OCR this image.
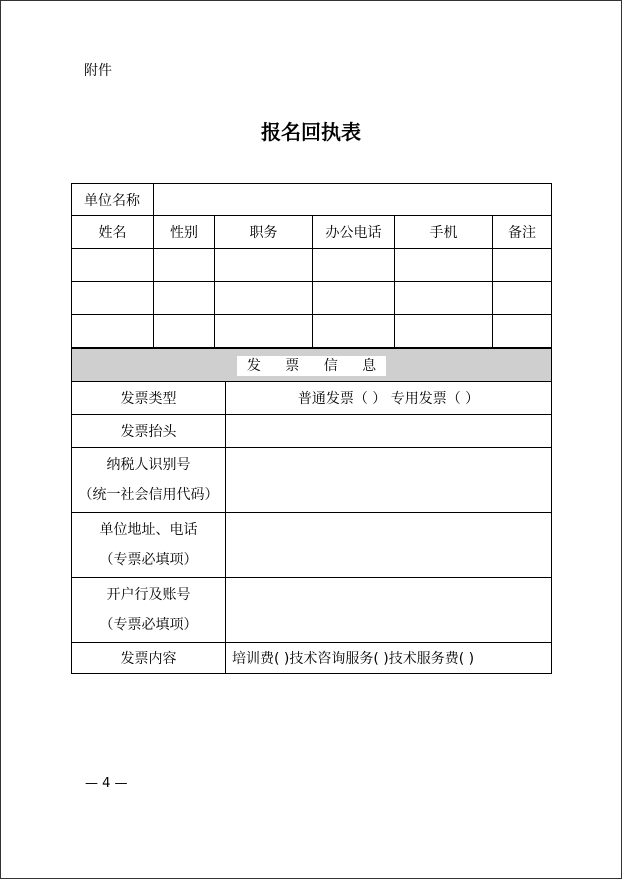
附件
报名回执表
单位名称					
姓名	性别	职务	办公电话	手机	备注

发 票 信 息	
发票类型	普通发票（ ） 专用发票（ ）
发票抬头	

纳税人识别号
（统一社会信用代码）	

单位地址、电话
（专票必填项）	

开户行及账号
（专票必填项）	

发票内容	培训费( )技术咨询服务( )技术服务费( )
— 4 —
